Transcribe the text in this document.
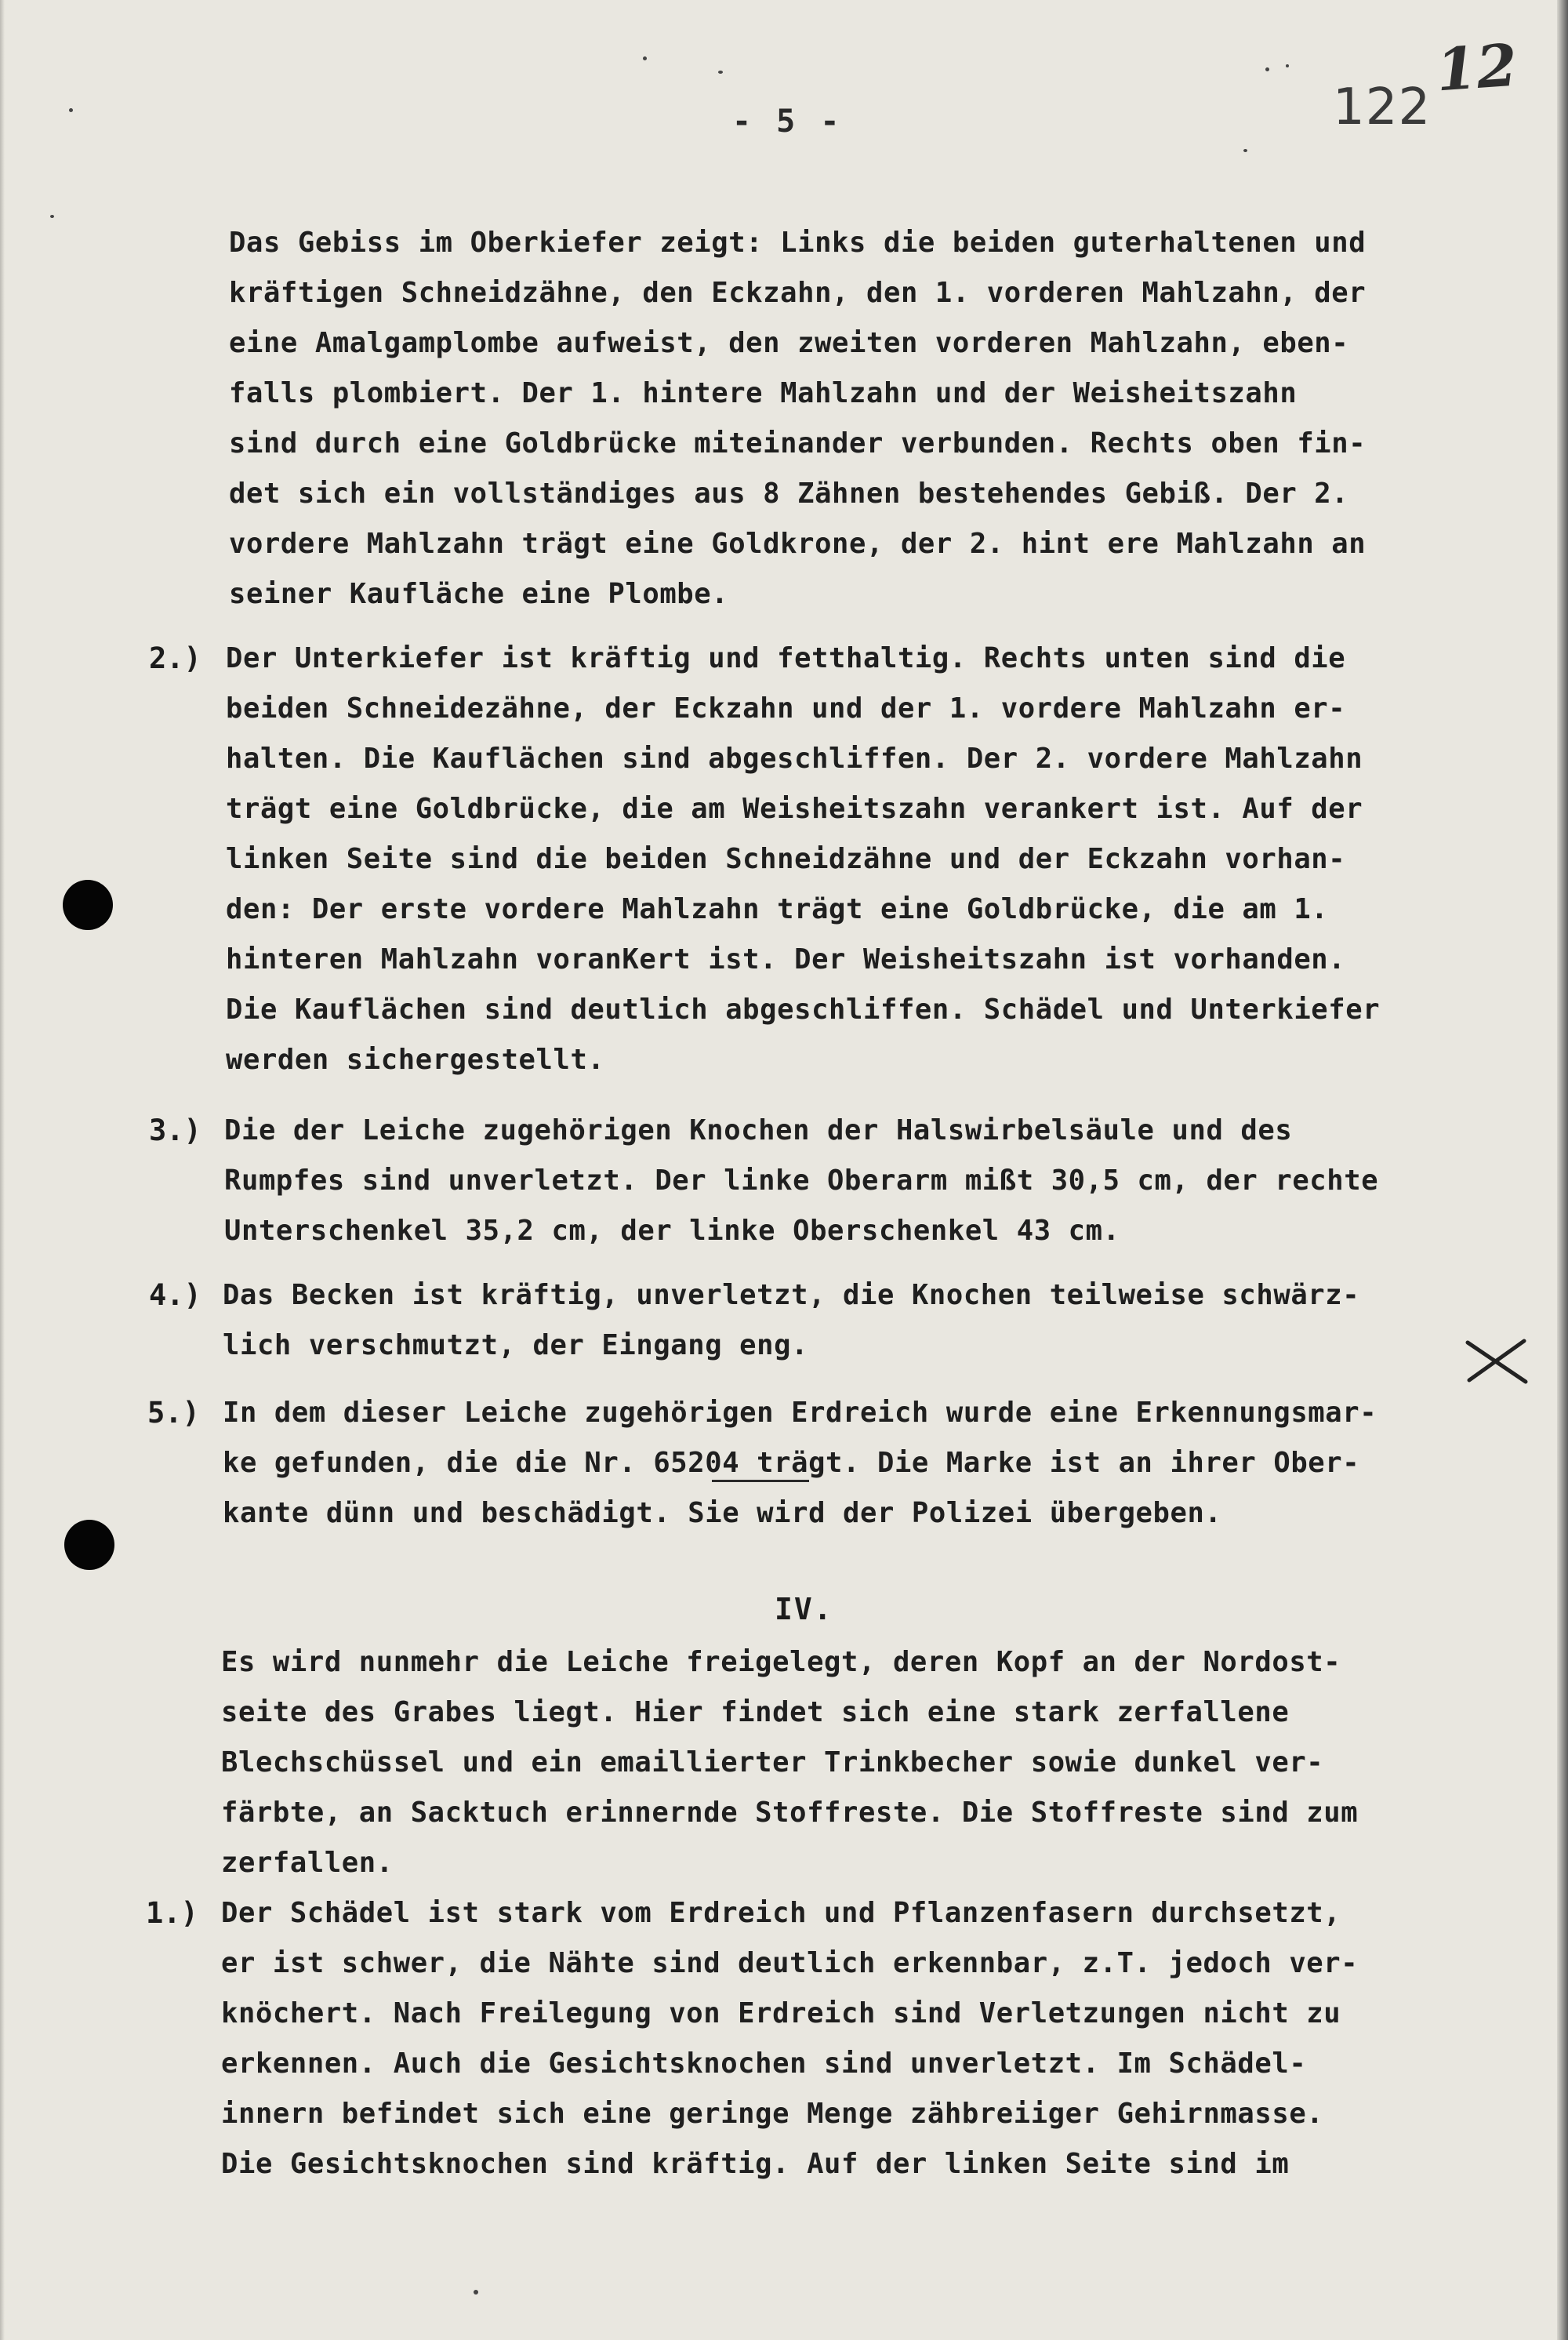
- 5 -	122
12
Das Gebiss im Oberkiefer zeigt: Links die beiden guterhaltenen und
kräftigen Schneidzähne, den Eckzahn, den 1. vorderen Mahlzahn, der
eine Amalgamplombe aufweist, den zweiten vorderen Mahlzahn, eben-
falls plombiert. Der 1. hintere Mahlzahn und der Weisheitszahn
sind durch eine Goldbrücke miteinander verbunden. Rechts oben fin-
det sich ein vollständiges aus 8 Zähnen bestehendes Gebiß. Der 2.
vordere Mahlzahn trägt eine Goldkrone, der 2. hint ere Mahlzahn an
seiner Kaufläche eine Plombe.
2.) Der Unterkiefer ist kräftig und fetthaltig. Rechts unten sind die
beiden Schneidezähne, der Eckzahn und der 1. vordere Mahlzahn er-
halten. Die Kauflächen sind abgeschliffen. Der 2. vordere Mahlzahn
trägt eine Goldbrücke, die am Weisheitszahn verankert ist. Auf der
linken Seite sind die beiden Schneidzähne und der Eckzahn vorhan-
den: Der erste vordere Mahlzahn trägt eine Goldbrücke, die am 1.
hinteren Mahlzahn voranKert ist. Der Weisheitszahn ist vorhanden.
Die Kauflächen sind deutlich abgeschliffen. Schädel und Unterkiefer
werden sichergestellt.
3.) Die der Leiche zugehörigen Knochen der Halswirbelsäule und des
Rumpfes sind unverletzt. Der linke Oberarm mißt 30,5 cm, der rechte
Unterschenkel 35,2 cm, der linke Oberschenkel 43 cm.
4.) Das Becken ist kräftig, unverletzt, die Knochen teilweise schwärz-
lich verschmutzt, der Eingang eng.
5.) In dem dieser Leiche zugehörigen Erdreich wurde eine Erkennungsmar-
ke gefunden, die die Nr. 65204 trägt. Die Marke ist an ihrer Ober-
kante dünn und beschädigt. Sie wird der Polizei übergeben.
IV.
Es wird nunmehr die Leiche freigelegt, deren Kopf an der Nordost-
seite des Grabes liegt. Hier findet sich eine stark zerfallene
Blechschüssel und ein emaillierter Trinkbecher sowie dunkel ver-
färbte, an Sacktuch erinnernde Stoffreste. Die Stoffreste sind zum
zerfallen.
1.) Der Schädel ist stark vom Erdreich und Pflanzenfasern durchsetzt,
er ist schwer, die Nähte sind deutlich erkennbar, z.T. jedoch ver-
knöchert. Nach Freilegung von Erdreich sind Verletzungen nicht zu
erkennen. Auch die Gesichtsknochen sind unverletzt. Im Schädel-
innern befindet sich eine geringe Menge zähbreiiger Gehirnmasse.
Die Gesichtsknochen sind kräftig. Auf der linken Seite sind im
